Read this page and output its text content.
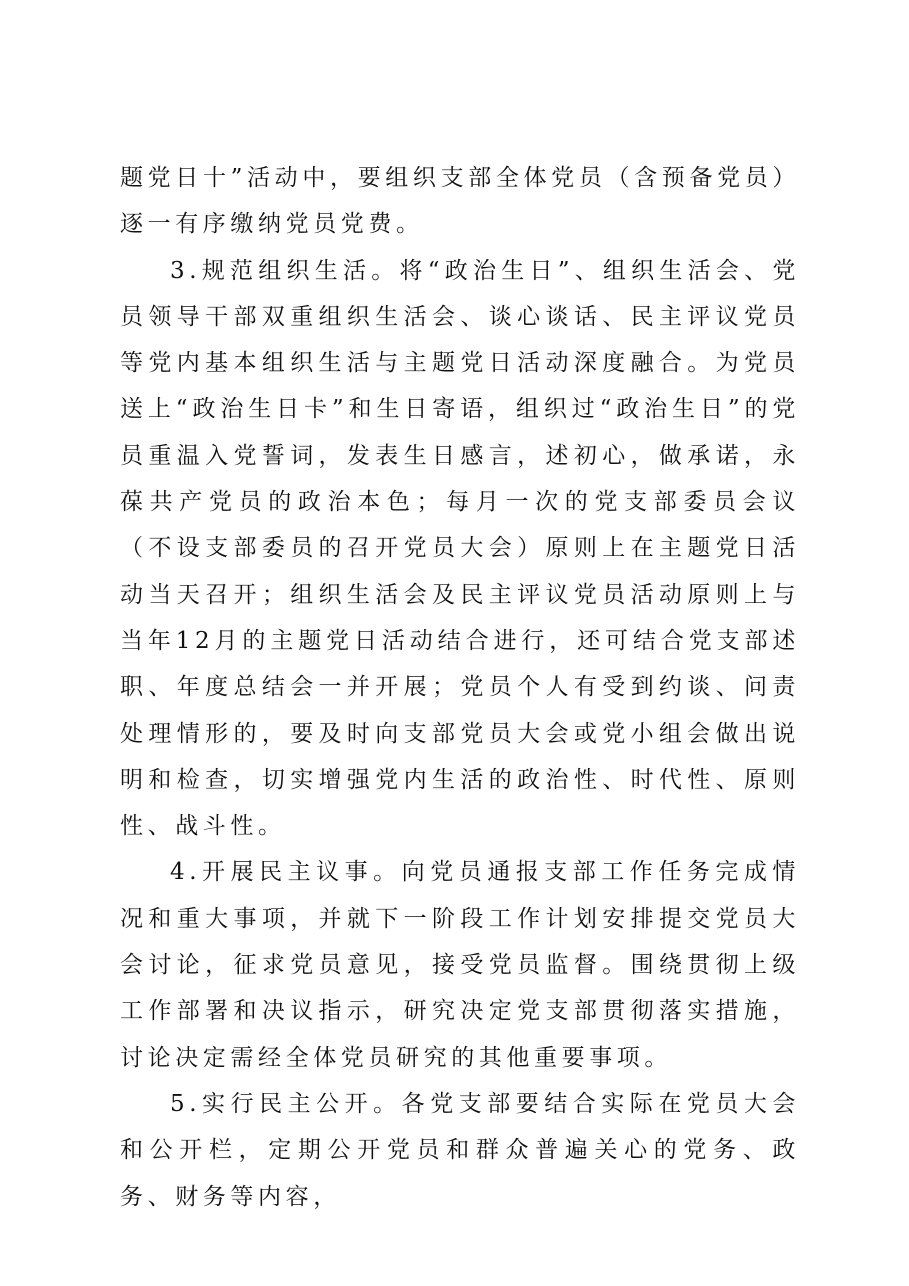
题党日十”活动中，要组织支部全体党员（含预备党员）逐一有序缴纳党员党费。

3.规范组织生活。将“政治生日”、组织生活会、党员领导干部双重组织生活会、谈心谈话、民主评议党员等党内基本组织生活与主题党日活动深度融合。为党员送上“政治生日卡”和生日寄语，组织过“政治生日”的党员重温入党誓词，发表生日感言，述初心，做承诺，永葆共产党员的政治本色；每月一次的党支部委员会议（不设支部委员的召开党员大会）原则上在主题党日活动当天召开；组织生活会及民主评议党员活动原则上与当年12月的主题党日活动结合进行，还可结合党支部述职、年度总结会一并开展；党员个人有受到约谈、问责处理情形的，要及时向支部党员大会或党小组会做出说明和检查，切实增强党内生活的政治性、时代性、原则性、战斗性。

4.开展民主议事。向党员通报支部工作任务完成情况和重大事项，并就下一阶段工作计划安排提交党员大会讨论，征求党员意见，接受党员监督。围绕贯彻上级工作部署和决议指示，研究决定党支部贯彻落实措施，讨论决定需经全体党员研究的其他重要事项。

5.实行民主公开。各党支部要结合实际在党员大会和公开栏，定期公开党员和群众普遍关心的党务、政务、财务等内容，
